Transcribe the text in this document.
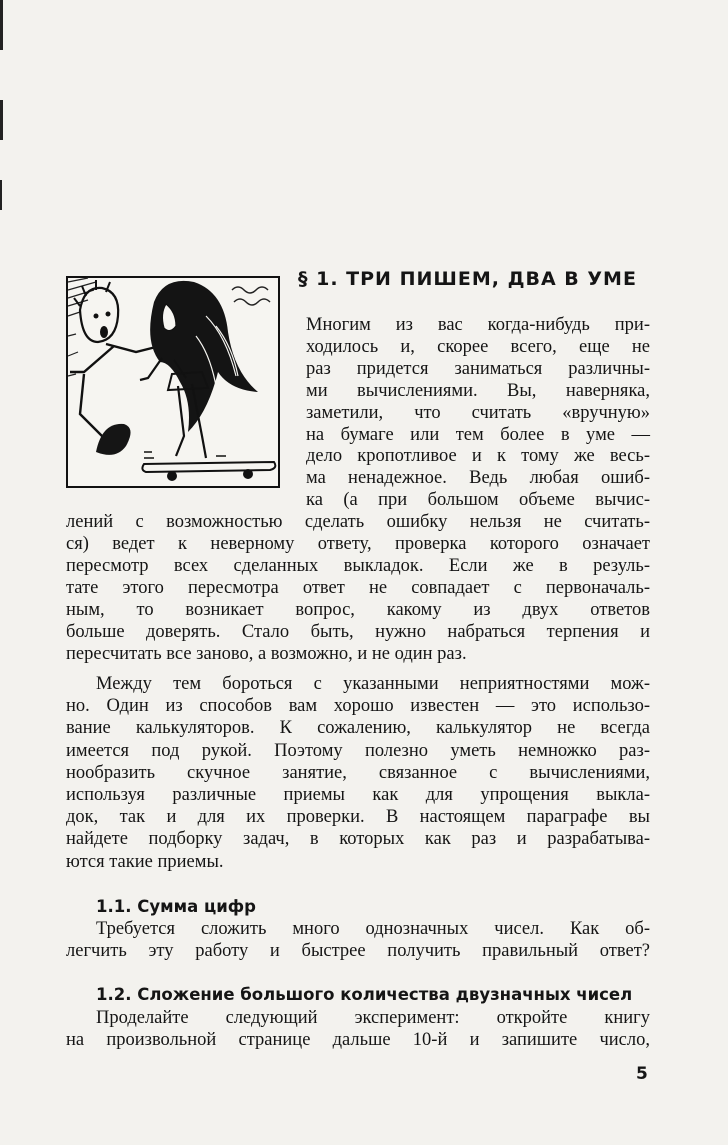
§ 1. ТРИ ПИШЕМ, ДВА В УМЕ
Многим из вас когда-нибудь при-
ходилось и, скорее всего, еще не
раз придется заниматься различны-
ми вычислениями. Вы, наверняка,
заметили, что считать «вручную»
на бумаге или тем более в уме —
дело кропотливое и к тому же весь-
ма ненадежное. Ведь любая ошиб-
ка (а при большом объеме вычис-
лений с возможностью сделать ошибку нельзя не считать-
ся) ведет к неверному ответу, проверка которого означает
пересмотр всех сделанных выкладок. Если же в резуль-
тате этого пересмотра ответ не совпадает с первоначаль-
ным, то возникает вопрос, какому из двух ответов
больше доверять. Стало быть, нужно набраться терпения и
пересчитать все заново, а возможно, и не один раз.
Между тем бороться с указанными неприятностями мож-
но. Один из способов вам хорошо известен — это использо-
вание калькуляторов. К сожалению, калькулятор не всегда
имеется под рукой. Поэтому полезно уметь немножко раз-
нообразить скучное занятие, связанное с вычислениями,
используя различные приемы как для упрощения выкла-
док, так и для их проверки. В настоящем параграфе вы
найдете подборку задач, в которых как раз и разрабатыва-
ются такие приемы.
1.1. Сумма цифр
Требуется сложить много однозначных чисел. Как об-
легчить эту работу и быстрее получить правильный ответ?
1.2. Сложение большого количества двузначных чисел
Проделайте следующий эксперимент: откройте книгу
на произвольной странице дальше 10-й и запишите число,
5
